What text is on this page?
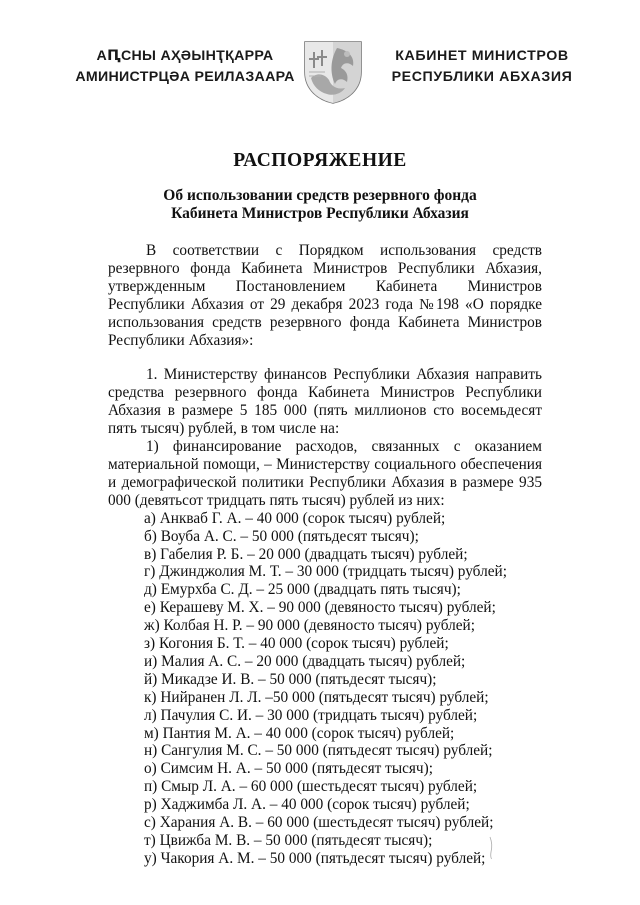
АԤСНЫ АҲӘЫНҬҚАРРА
АМИНИСТРЦӘА РЕИЛАЗААРА
КАБИНЕТ МИНИСТРОВ
РЕСПУБЛИКИ АБХАЗИЯ
РАСПОРЯЖЕНИЕ
Об использовании средств резервного фонда
Кабинета Министров Республики Абхазия

В соответствии с Порядком использования средств резервного фонда Кабинета Министров Республики Абхазия, утвержденным Постановлением Кабинета Министров Республики Абхазия от 29 декабря 2023 года №198 «О порядке использования средств резервного фонда Кабинета Министров Республики Абхазия»:

1. Министерству финансов Республики Абхазия направить средства резервного фонда Кабинета Министров Республики Абхазия в размере 5 185 000 (пять миллионов сто восемьдесят пять тысяч) рублей, в том числе на:

1) финансирование расходов, связанных с оказанием материальной помощи, – Министерству социального обеспечения и демографической политики Республики Абхазия в размере 935 000 (девятьсот тридцать пять тысяч) рублей из них:

а) Анкваб Г. А. – 40 000 (сорок тысяч) рублей;
б) Воуба А. С. – 50 000 (пятьдесят тысяч);
в) Габелия Р. Б. – 20 000 (двадцать тысяч) рублей;
г) Джинджолия М. Т. – 30 000 (тридцать тысяч) рублей;
д) Емурхба С. Д. – 25 000 (двадцать пять тысяч);
е) Керашеву М. Х. – 90 000 (девяносто тысяч) рублей;
ж) Колбая Н. Р. – 90 000 (девяносто тысяч) рублей;
з) Когония Б. Т. – 40 000 (сорок тысяч) рублей;
и) Малия А. С. – 20 000 (двадцать тысяч) рублей;
й) Микадзе И. В. – 50 000 (пятьдесят тысяч);
к) Нийранен Л. Л. –50 000 (пятьдесят тысяч) рублей;
л) Пачулия С. И. – 30 000 (тридцать тысяч) рублей;
м) Пантия М. А. – 40 000 (сорок тысяч) рублей;
н) Сангулия М. С. – 50 000 (пятьдесят тысяч) рублей;
о) Симсим Н. А. – 50 000 (пятьдесят тысяч);
п) Смыр Л. А. – 60 000 (шестьдесят тысяч) рублей;
р) Хаджимба Л. А. – 40 000 (сорок тысяч) рублей;
с) Харания А. В. – 60 000 (шестьдесят тысяч) рублей;
т) Цвижба М. В. – 50 000 (пятьдесят тысяч);
у) Чакория А. М. – 50 000 (пятьдесят тысяч) рублей;
